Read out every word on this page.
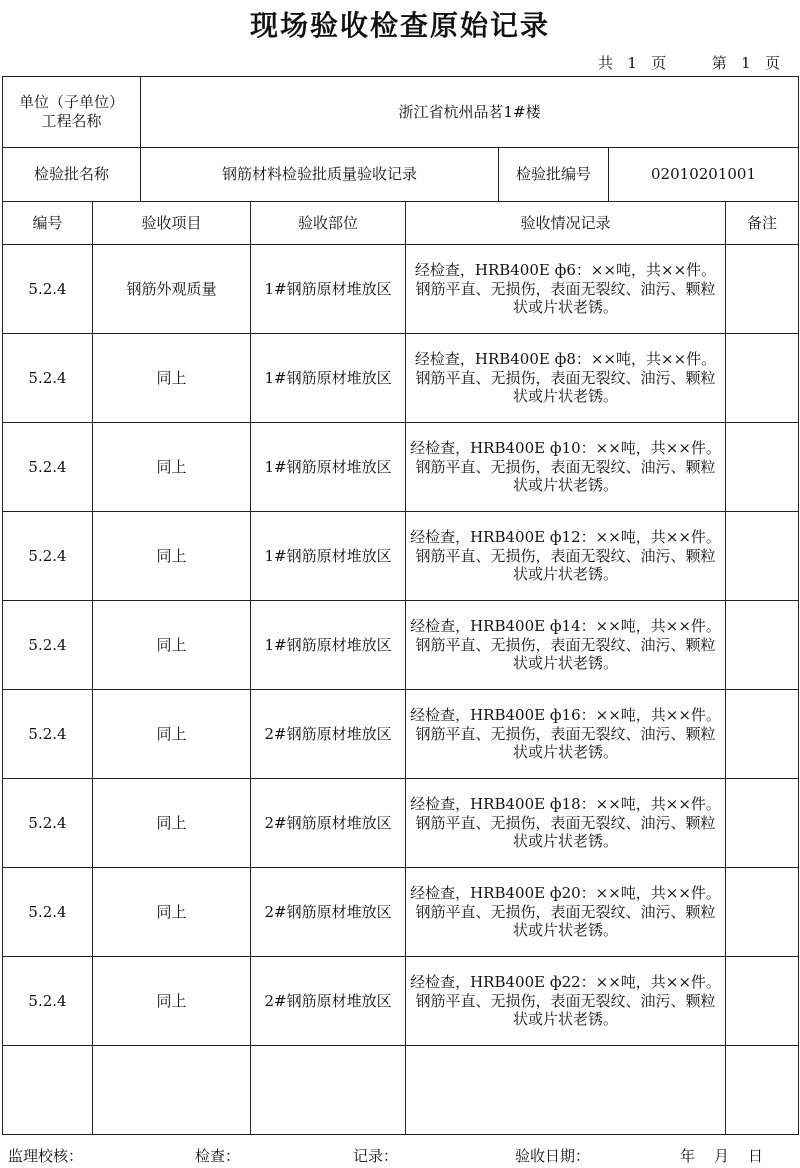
现场验收检查原始记录
共 1 页	第 1 页
单位（子单位）
工程名称		浙江省杭州品茗1#楼					
检验批名称		钢筋材料检验批质量验收记录			检验批编号	02010201001	
编号	验收项目		验收部位	验收情况记录			备注
5.2.4	钢筋外观质量		1#钢筋原材堆放区	经检查，HRB400E ф6：××吨，共××件。钢筋平直、无损伤，表面无裂纹、油污、颗粒状或片状老锈。			
5.2.4	同上		1#钢筋原材堆放区	经检查，HRB400E ф8：××吨，共××件。钢筋平直、无损伤，表面无裂纹、油污、颗粒状或片状老锈。			
5.2.4	同上		1#钢筋原材堆放区	经检查，HRB400E ф10：××吨，共××件。钢筋平直、无损伤，表面无裂纹、油污、颗粒状或片状老锈。			
5.2.4	同上		1#钢筋原材堆放区	经检查，HRB400E ф12：××吨，共××件。钢筋平直、无损伤，表面无裂纹、油污、颗粒状或片状老锈。			
5.2.4	同上		1#钢筋原材堆放区	经检查，HRB400E ф14：××吨，共××件。钢筋平直、无损伤，表面无裂纹、油污、颗粒状或片状老锈。			
5.2.4	同上		2#钢筋原材堆放区	经检查，HRB400E ф16：××吨，共××件。钢筋平直、无损伤，表面无裂纹、油污、颗粒状或片状老锈。			
5.2.4	同上		2#钢筋原材堆放区	经检查，HRB400E ф18：××吨，共××件。钢筋平直、无损伤，表面无裂纹、油污、颗粒状或片状老锈。			
5.2.4	同上		2#钢筋原材堆放区	经检查，HRB400E ф20：××吨，共××件。钢筋平直、无损伤，表面无裂纹、油污、颗粒状或片状老锈。			
5.2.4	同上		2#钢筋原材堆放区	经检查，HRB400E ф22：××吨，共××件。钢筋平直、无损伤，表面无裂纹、油污、颗粒状或片状老锈。			

监理校核：	检查：	记录：	验收日期：	年 月 日
